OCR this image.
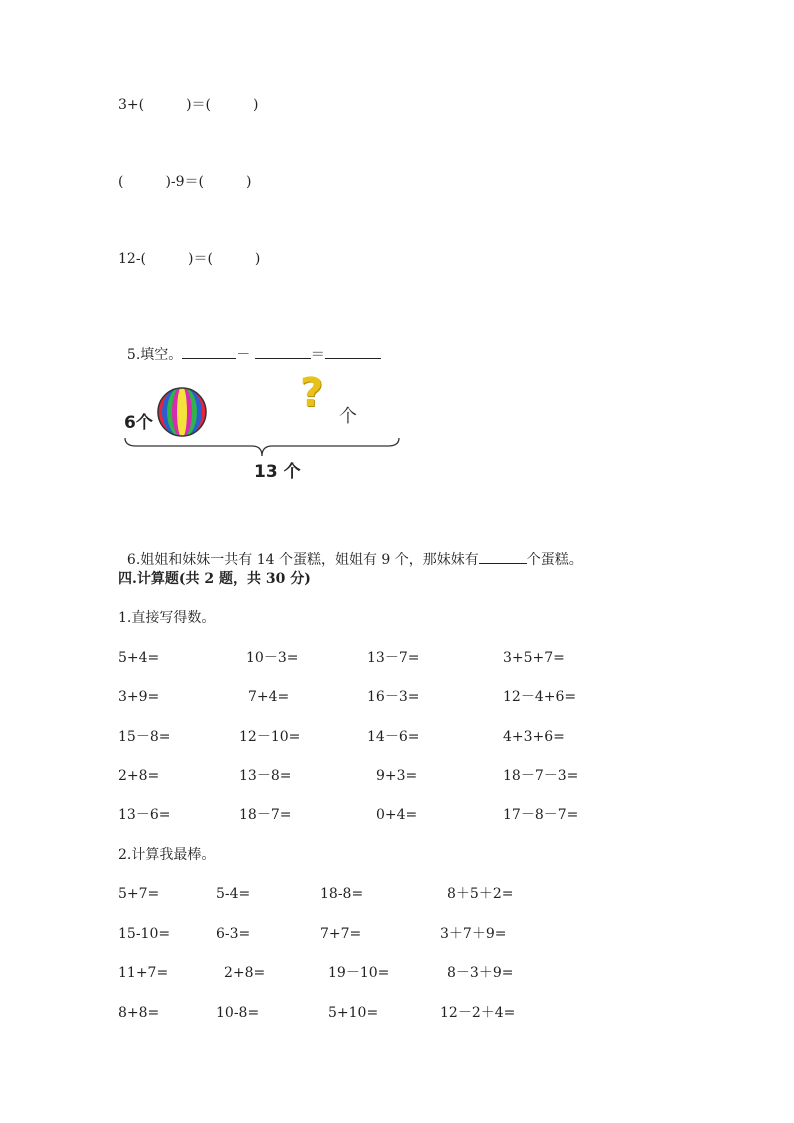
3+(　　　)＝(　　　)
(　　　)-9＝(　　　)
12-(　　　)＝(　　　)

5.填空。	－	＝

6个
?
个
13 个

6.姐姐和妹妹一共有 14 个蛋糕，姐姐有 9 个，那妹妹有	个蛋糕。

四.计算题(共 2 题，共 30 分)
1.直接写得数。
5+4=	10－3=	13－7=	3+5+7=
3+9=	7+4=	16－3=	12－4+6=
15－8=	12－10=	14－6=	4+3+6=
2+8=	13－8=	9+3=	18－7－3=
13－6=	18－7=	0+4=	17－8－7=
2.计算我最棒。
5+7=	5-4=	18-8=	8＋5＋2=
15-10=	6-3=	7+7=	3＋7＋9=
11+7=	2+8=	19－10=	8－3＋9=
8+8=	10-8=	5+10=	12－2＋4=
